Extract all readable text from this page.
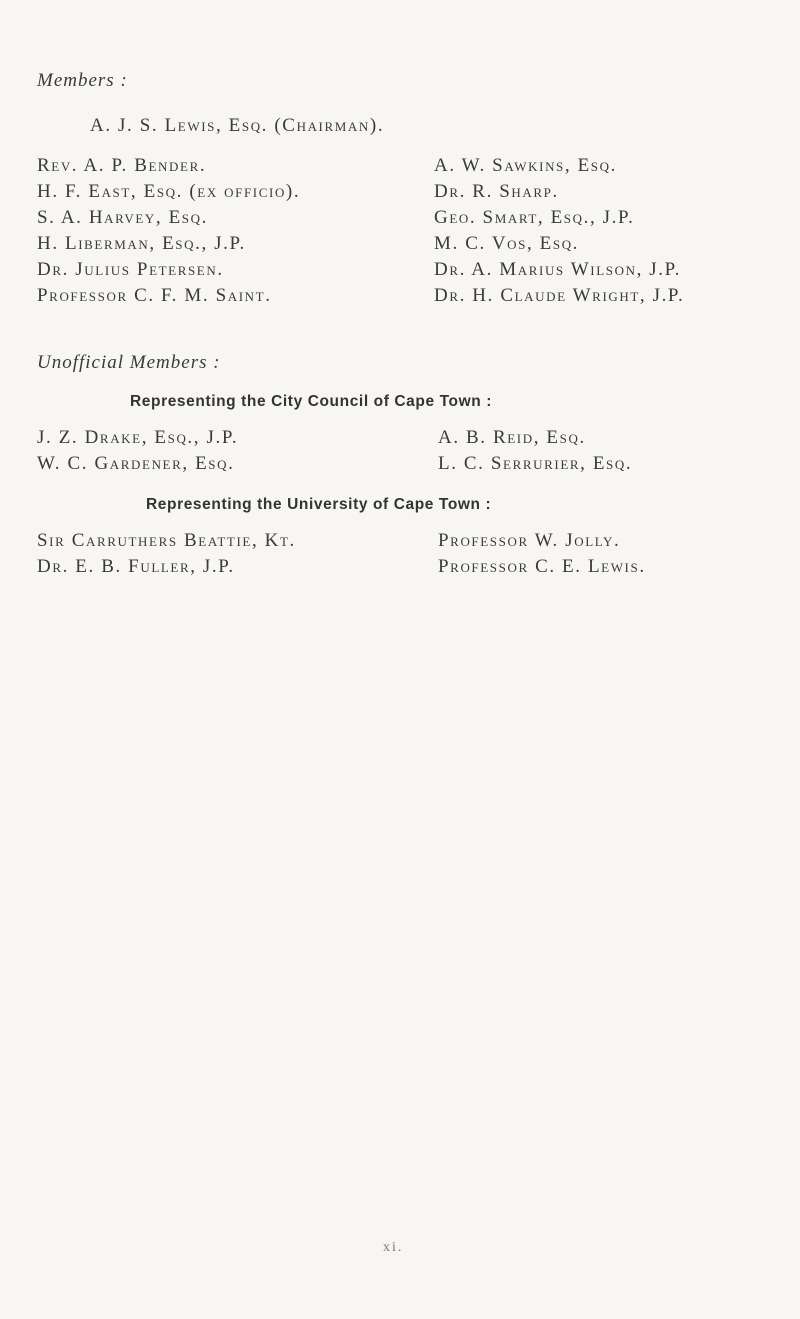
Members :
A. J. S. Lewis, Esq. (Chairman).
Rev. A. P. Bender.
H. F. East, Esq. (ex officio).
S. A. Harvey, Esq.
H. Liberman, Esq., J.P.
Dr. Julius Petersen.
Professor C. F. M. Saint.
A. W. Sawkins, Esq.
Dr. R. Sharp.
Geo. Smart, Esq., J.P.
M. C. Vos, Esq.
Dr. A. Marius Wilson, J.P.
Dr. H. Claude Wright, J.P.
Unofficial Members :
Representing the City Council of Cape Town :
J. Z. Drake, Esq., J.P.
W. C. Gardener, Esq.
A. B. Reid, Esq.
L. C. Serrurier, Esq.
Representing the University of Cape Town :
Sir Carruthers Beattie, Kt.
Dr. E. B. Fuller, J.P.
Professor W. Jolly.
Professor C. E. Lewis.
xi.
